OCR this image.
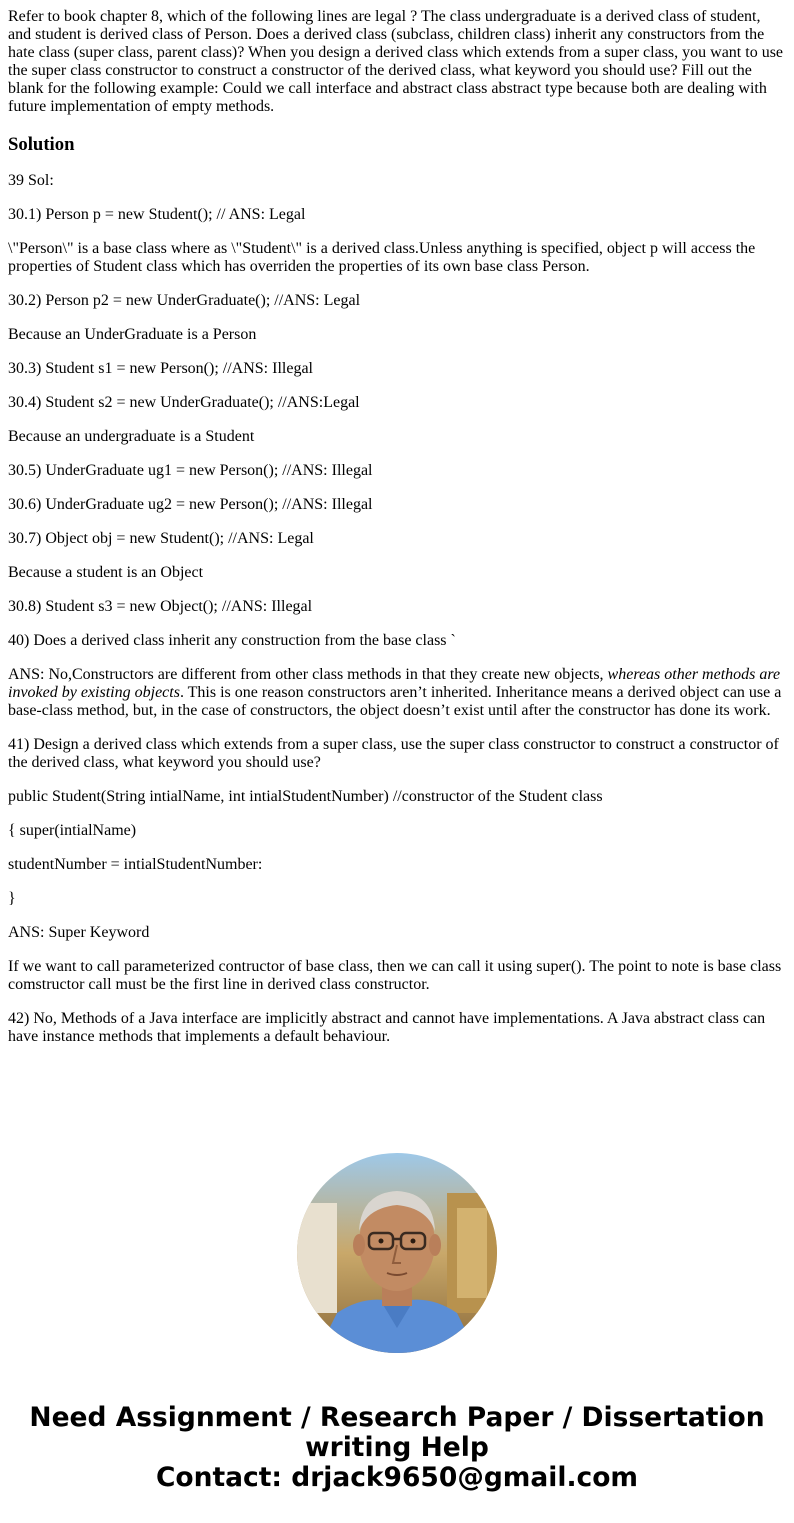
Refer to book chapter 8, which of the following lines are legal ? The class undergraduate is a derived class of student, and student is derived class of Person. Does a derived class (subclass, children class) inherit any constructors from the hate class (super class, parent class)? When you design a derived class which extends from a super class, you want to use the super class constructor to construct a constructor of the derived class, what keyword you should use? Fill out the blank for the following example: Could we call interface and abstract class abstract type because both are dealing with future implementation of empty methods.

Solution

39 Sol:

30.1) Person p = new Student(); // ANS: Legal

\"Person\" is a base class where as \"Student\" is a derived class.Unless anything is specified, object p will access the properties of Student class which has overriden the properties of its own base class Person.

30.2) Person p2 = new UnderGraduate(); //ANS: Legal

Because an UnderGraduate is a Person

30.3) Student s1 = new Person(); //ANS: Illegal

30.4) Student s2 = new UnderGraduate(); //ANS:Legal

Because an undergraduate is a Student

30.5) UnderGraduate ug1 = new Person(); //ANS: Illegal

30.6) UnderGraduate ug2 = new Person(); //ANS: Illegal

30.7) Object obj = new Student(); //ANS: Legal

Because a student is an Object

30.8) Student s3 = new Object(); //ANS: Illegal

40) Does a derived class inherit any construction from the base class `

ANS: No,Constructors are different from other class methods in that they create new objects, whereas other methods are invoked by existing objects. This is one reason constructors aren’t inherited. Inheritance means a derived object can use a base-class method, but, in the case of constructors, the object doesn’t exist until after the constructor has done its work.

41) Design a derived class which extends from a super class, use the super class constructor to construct a constructor of the derived class, what keyword you should use?

public Student(String intialName, int intialStudentNumber) //constructor of the Student class

{ super(intialName)

studentNumber = intialStudentNumber:

}

ANS: Super Keyword

If we want to call parameterized contructor of base class, then we can call it using super(). The point to note is base class comstructor call must be the first line in derived class constructor.

42) No, Methods of a Java interface are implicitly abstract and cannot have implementations. A Java abstract class can have instance methods that implements a default behaviour.

Need Assignment / Research Paper / Dissertation
writing Help
Contact: drjack9650@gmail.com
